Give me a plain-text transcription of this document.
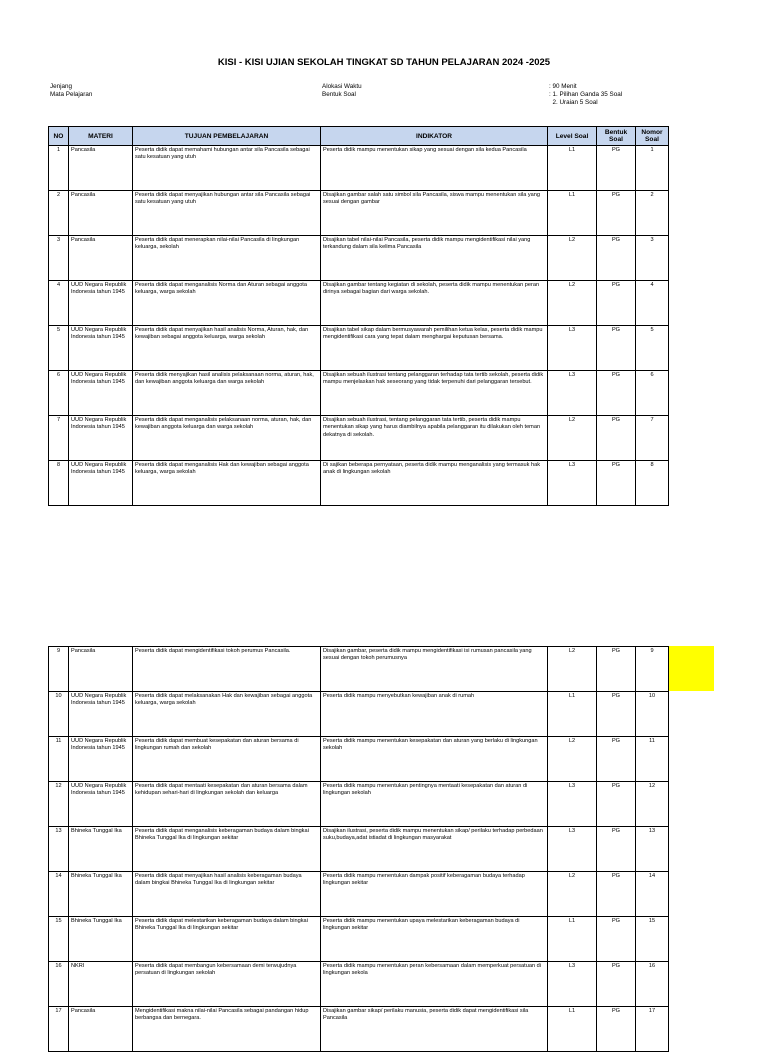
KISI - KISI UJIAN SEKOLAH TINGKAT SD TAHUN PELAJARAN 2024 -2025
Jenjang
Mata Pelajaran
Alokasi Waktu
Bentuk Soal
: 90 Menit
: 1. Pilihan Ganda 35 Soal
2. Uraian 5 Soal
NO	MATERI	TUJUAN PEMBELAJARAN	INDIKATOR	Level Soal	Bentuk Soal	Nomor Soal
1	Pancasila	Peserta didik dapat memahami hubungan antar sila Pancasila sebagai satu kesatuan yang utuh	Peserta didik mampu menentukan sikap yang sesuai dengan sila kedua Pancasila	L1	PG	1
2	Pancasila	Peserta didik dapat menyajikan hubungan antar sila Pancasila sebagai satu kesatuan yang utuh	Disajikan gambar salah satu simbol sila Pancasila, siswa mampu menentukan sila yang sesuai dengan gambar	L1	PG	2
3	Pancasila	Peserta didik dapat menerapkan nilai-nilai Pancasila di lingkungan keluarga, sekolah	Disajikan tabel nilai-nilai Pancasila, peserta didik mampu mengidentifikasi nilai yang terkandung dalam sila kelima Pancasila	L2	PG	3
4	UUD Negara Republik Indonesia tahun 1945	Peserta didik dapat menganalisis Norma dan Aturan sebagai anggota keluarga, warga sekolah	Disajikan gambar tentang kegiatan di sekolah, peserta didik mampu menentukan peran dirinya sebagai bagian dari warga sekolah.	L2	PG	4
5	UUD Negara Republik Indonesia tahun 1945	Peserta didik dapat menyajikan hasil analisis Norma, Aturan, hak, dan kewajiban sebagai anggota keluarga, warga sekolah	Disajikan tabel sikap dalam bermusyawarah pemilihan ketua kelas, peserta didik mampu mengidentifikasi cara yang tepat dalam menghargai keputusan bersama.	L3	PG	5
6	UUD Negara Republik Indonesia tahun 1945	Peserta didik menyajikan hasil analisis pelaksanaan norma, aturan, hak, dan kewajiban anggota keluarga dan warga sekolah	Disajikan sebuah ilustrasi tentang pelanggaran terhadap tata tertib sekolah, peserta didik mampu menjelaskan hak seseorang yang tidak terpenuhi dari pelanggaran tersebut.	L3	PG	6
7	UUD Negara Republik Indonesia tahun 1945	Peserta didik dapat menganalisis pelaksanaan norma, aturan, hak, dan kewajiban anggota keluarga dan warga sekolah	Disajikan sebuah ilustrasi, tentang pelanggaran tata tertib, peserta didik mampu menentukan sikap yang harus diambilnya apabila pelanggaran itu dilakukan oleh teman dekatnya di sekolah.	L2	PG	7
8	UUD Negara Republik Indonesia tahun 1945	Peserta didik dapat menganalisis Hak dan kewajiban sebagai anggota keluarga, warga sekolah	Di sajikan beberapa pernyataan, peserta didik mampu menganalisis yang termasuk hak anak di lingkungan sekolah	L3	PG	8
9	Pancasila	Peserta didik dapat mengidentifikasi tokoh perumus Pancasila.	Disajikan gambar, peserta didik mampu mengidentifikasi isi rumusan pancasila yang sesuai dengan tokoh perumusnya	L2	PG	9
10	UUD Negara Republik Indonesia tahun 1945	Peserta didik dapat melaksanakan Hak dan kewajiban sebagai anggota keluarga, warga sekolah	Peserta didik mampu menyebutkan kewajiban anak di rumah	L1	PG	10
11	UUD Negara Republik Indonesia tahun 1945	Peserta didik dapat membuat kesepakatan dan aturan bersama di lingkungan rumah dan sekolah	Peserta didik mampu menentukan kesepakatan dan aturan yang berlaku di lingkungan sekolah	L2	PG	11
12	UUD Negara Republik Indonesia tahun 1945	Peserta didik dapat mentaati kesepakatan dan aturan bersama dalam kehidupan sehari-hari di lingkungan sekolah dan keluarga	Peserta didik mampu menentukan pentingnya mentaati kesepakatan dan aturan di lingkungan sekolah	L3	PG	12
13	Bhineka Tunggal Ika	Peserta didik dapat menganalisis keberagaman budaya dalam bingkai Bhineka Tunggal Ika di lingkungan sekitar	Disajikan ilustrasi, peserta didik mampu menentukan sikap/ perilaku terhadap perbedaan suku,budaya,adat istiadat di lingkungan masyarakat	L3	PG	13
14	Bhineka Tunggal Ika	Peserta didik dapat menyajikan hasil analisis keberagaman budaya dalam bingkai Bhineka Tunggal Ika di lingkungan sekitar	Peserta didik mampu menentukan dampak positif keberagaman budaya terhadap lingkungan sekitar	L2	PG	14
15	Bhineka Tunggal Ika	Peserta didik dapat melestarikan keberagaman budaya dalam bingkai Bhineka Tunggal Ika di lingkungan sekitar	Peserta didik mampu menentukan upaya melestarikan keberagaman budaya di lingkungan sekitar	L1	PG	15
16	NKRI	Peserta didik dapat membangun kebersamaan demi terwujudnya persatuan di lingkungan sekolah	Peserta didik mampu menentukan peran kebersamaan dalam memperkuat persatuan di lingkungan sekola	L3	PG	16
17	Pancasila	Mengidentifikasi makna nilai-nilai Pancasila sebagai pandangan hidup berbangsa dan bernegara.	Disajikan gambar sikap/ perilaku manusia, peserta didik dapat mengidentifikasi sila Pancasila	L1	PG	17
